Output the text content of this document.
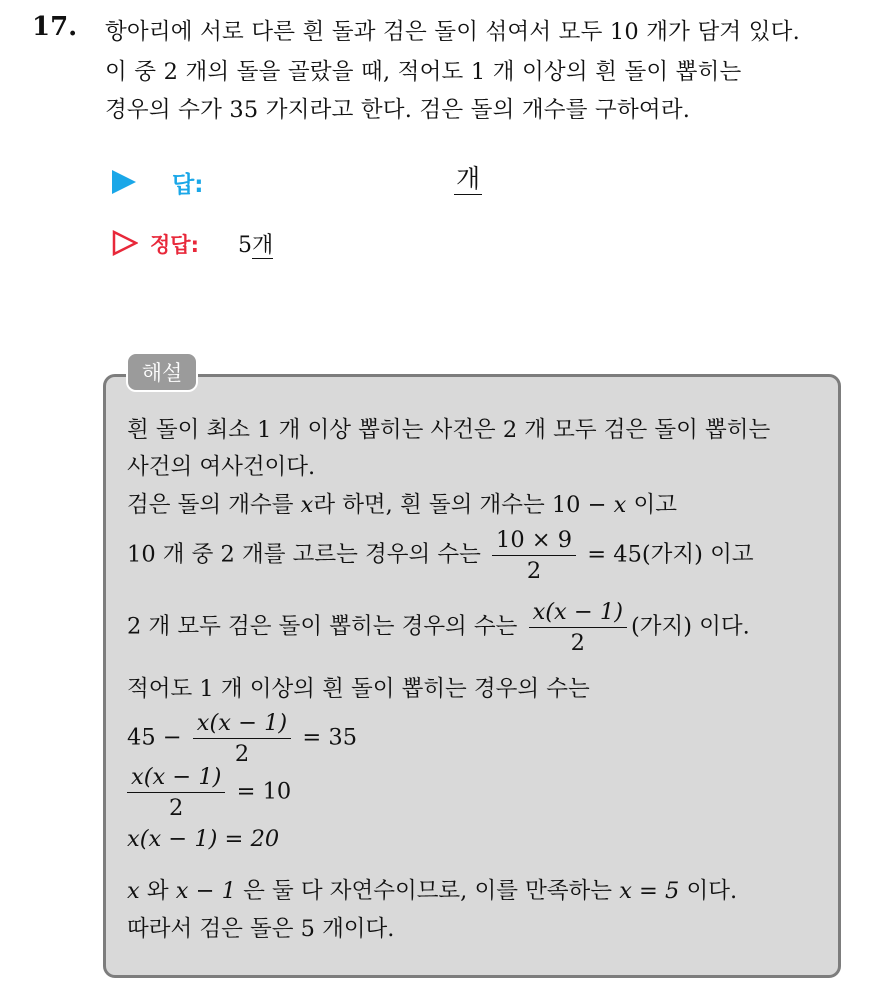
17. 항아리에 서로 다른 흰 돌과 검은 돌이 섞여서 모두 10 개가 담겨 있다.
이 중 2 개의 돌을 골랐을 때, 적어도 1 개 이상의 흰 돌이 뽑히는
경우의 수가 35 가지라고 한다. 검은 돌의 개수를 구하여라.
답:	개
정답: 5개
해설
흰 돌이 최소 1 개 이상 뽑히는 사건은 2 개 모두 검은 돌이 뽑히는
사건의 여사건이다.
검은 돌의 개수를 x라 하면, 흰 돌의 개수는 10 − x 이고
10 개 중 2 개를 고르는 경우의 수는 $\frac{10 \times 9}{2} = 45$(가지) 이고
2 개 모두 검은 돌이 뽑히는 경우의 수는 $\frac{x(x - 1)}{2}$ (가지) 이다.
적어도 1 개 이상의 흰 돌이 뽑히는 경우의 수는
$45 - \frac{x(x - 1)}{2} = 35$
$\frac{x(x - 1)}{2} = 10$
x(x − 1) = 20
x 와 x − 1 은 둘 다 자연수이므로, 이를 만족하는 x = 5 이다.
따라서 검은 돌은 5 개이다.
